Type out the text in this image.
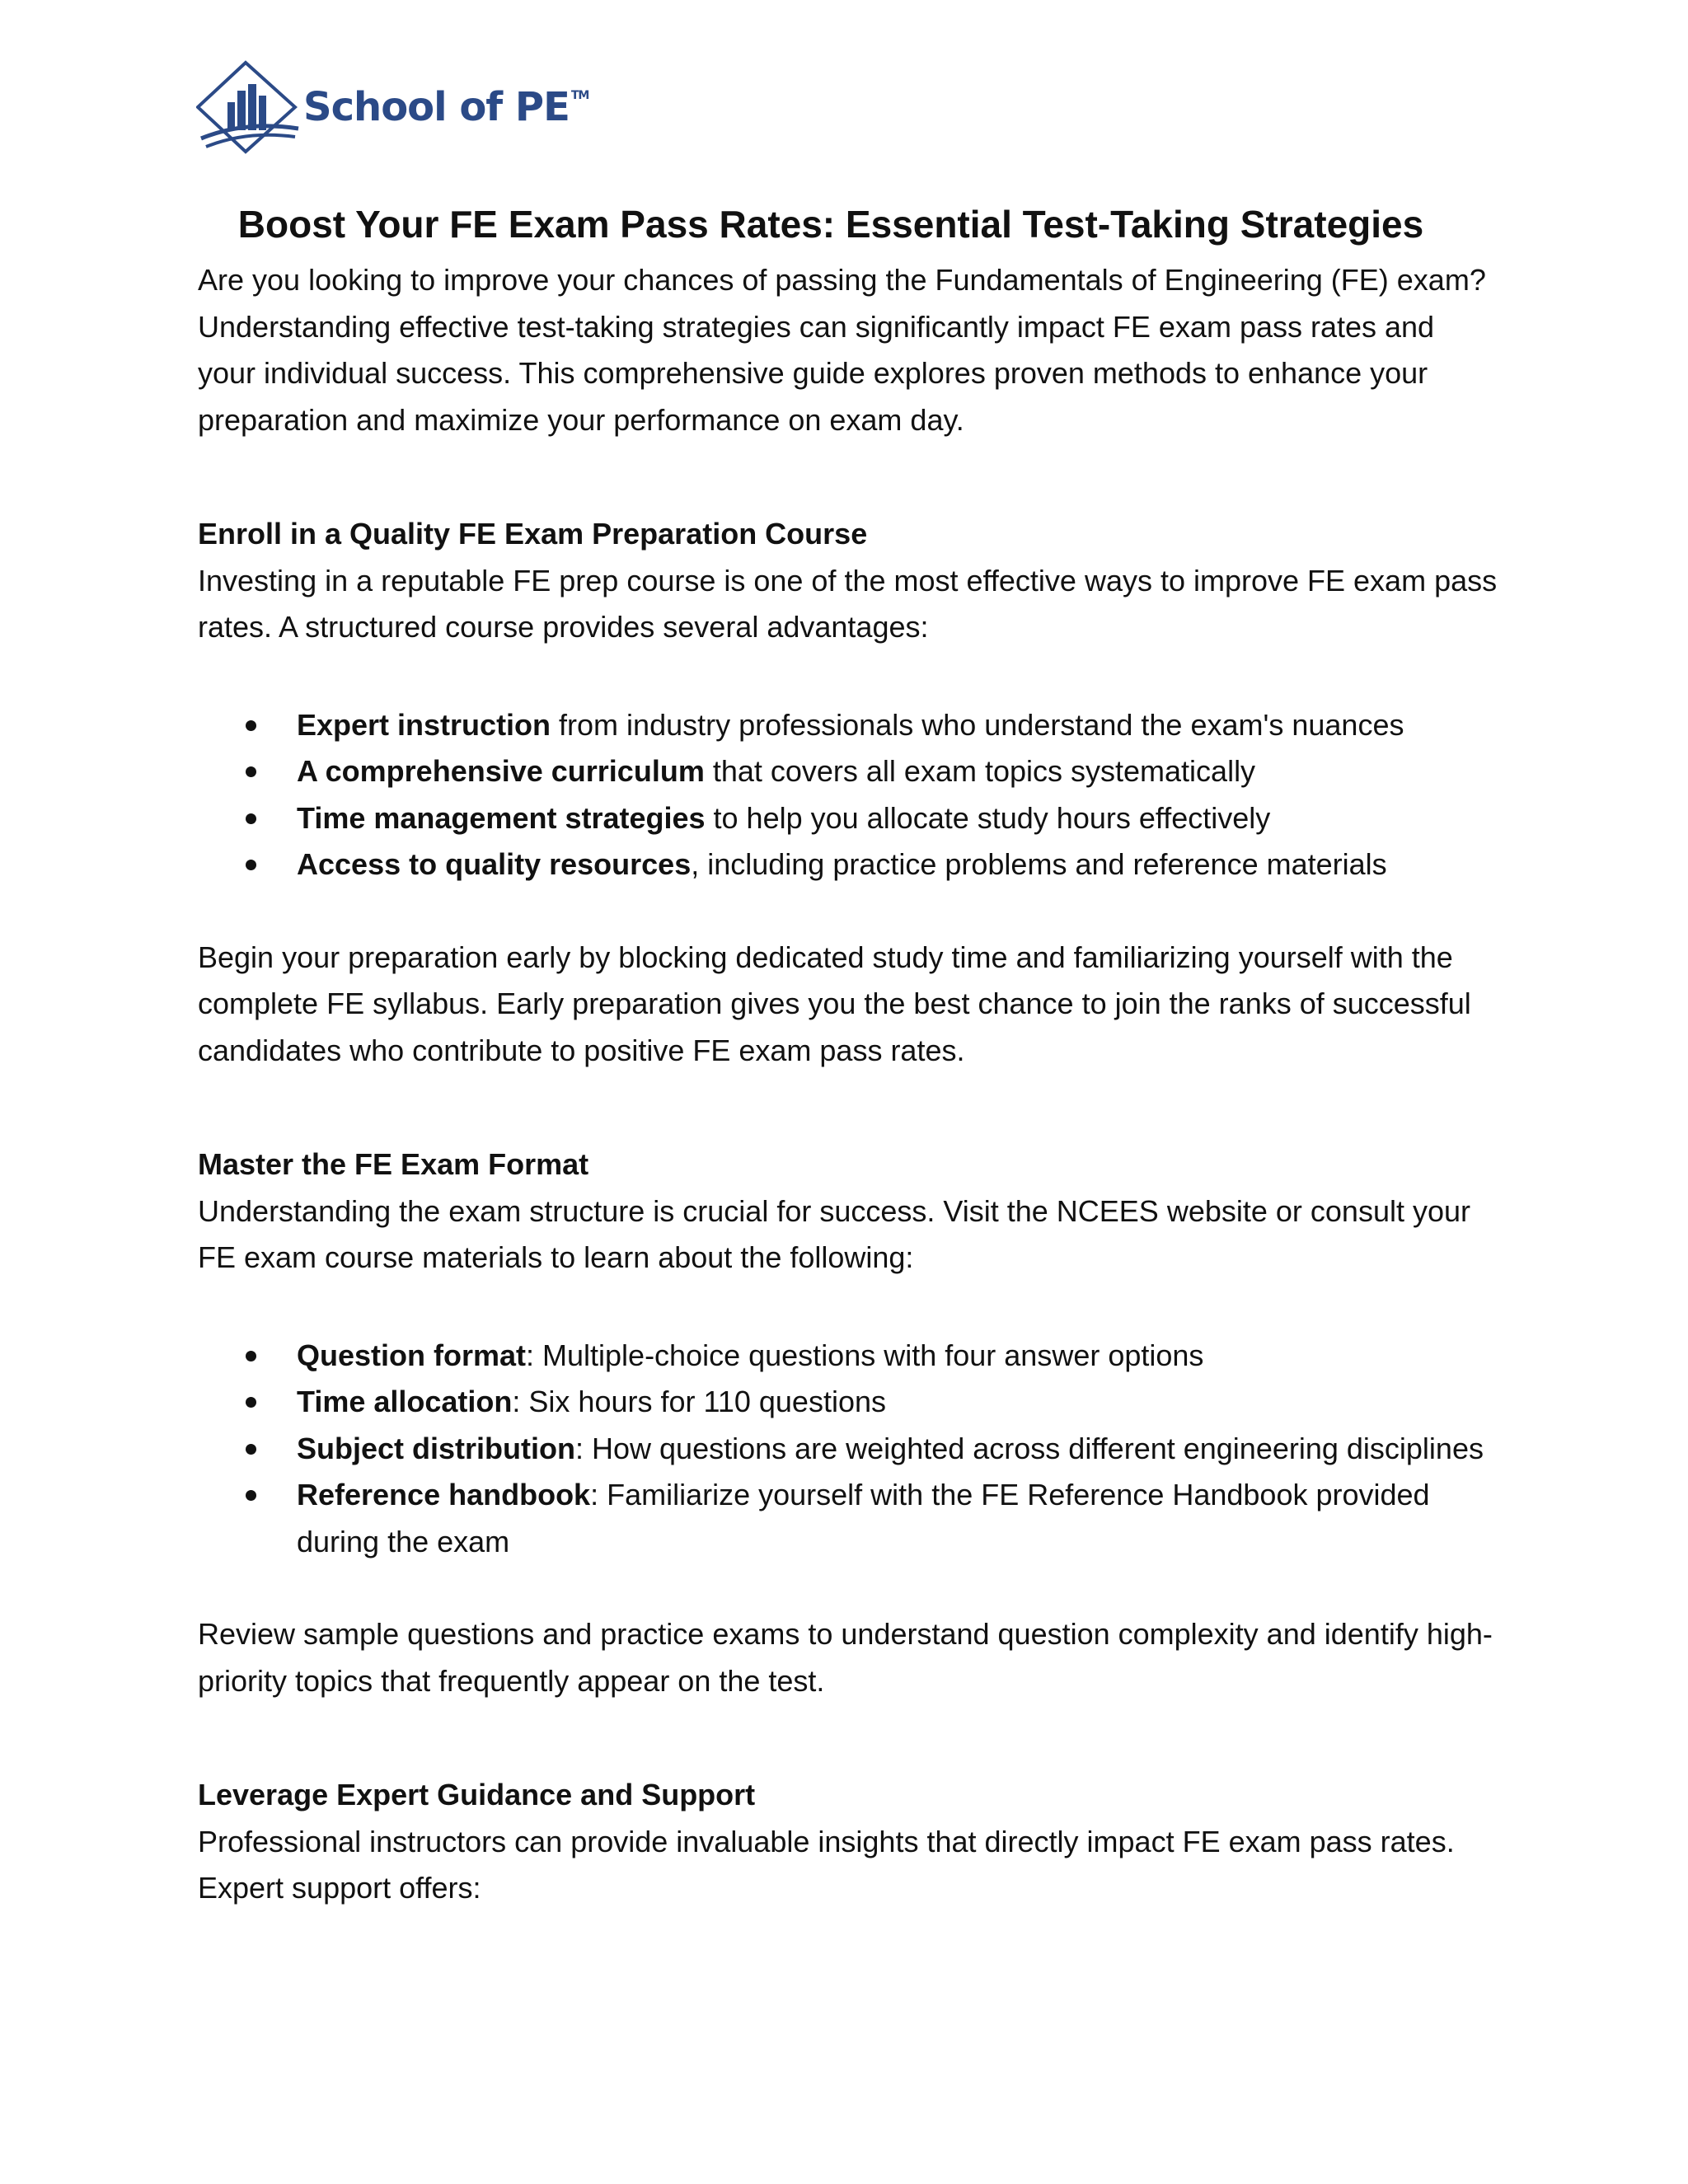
School of PE ™
Boost Your FE Exam Pass Rates: Essential Test-Taking Strategies

Are you looking to improve your chances of passing the Fundamentals of Engineering (FE) exam? Understanding effective test-taking strategies can significantly impact FE exam pass rates and your individual success. This comprehensive guide explores proven methods to enhance your preparation and maximize your performance on exam day.

Enroll in a Quality FE Exam Preparation Course

Investing in a reputable FE prep course is one of the most effective ways to improve FE exam pass rates. A structured course provides several advantages:

Expert instruction from industry professionals who understand the exam's nuances
A comprehensive curriculum that covers all exam topics systematically
Time management strategies to help you allocate study hours effectively
Access to quality resources, including practice problems and reference materials

Begin your preparation early by blocking dedicated study time and familiarizing yourself with the complete FE syllabus. Early preparation gives you the best chance to join the ranks of successful candidates who contribute to positive FE exam pass rates.

Master the FE Exam Format

Understanding the exam structure is crucial for success. Visit the NCEES website or consult your FE exam course materials to learn about the following:

Question format: Multiple-choice questions with four answer options
Time allocation: Six hours for 110 questions
Subject distribution: How questions are weighted across different engineering disciplines
Reference handbook: Familiarize yourself with the FE Reference Handbook provided during the exam

Review sample questions and practice exams to understand question complexity and identify high-priority topics that frequently appear on the test.

Leverage Expert Guidance and Support

Professional instructors can provide invaluable insights that directly impact FE exam pass rates. Expert support offers:
